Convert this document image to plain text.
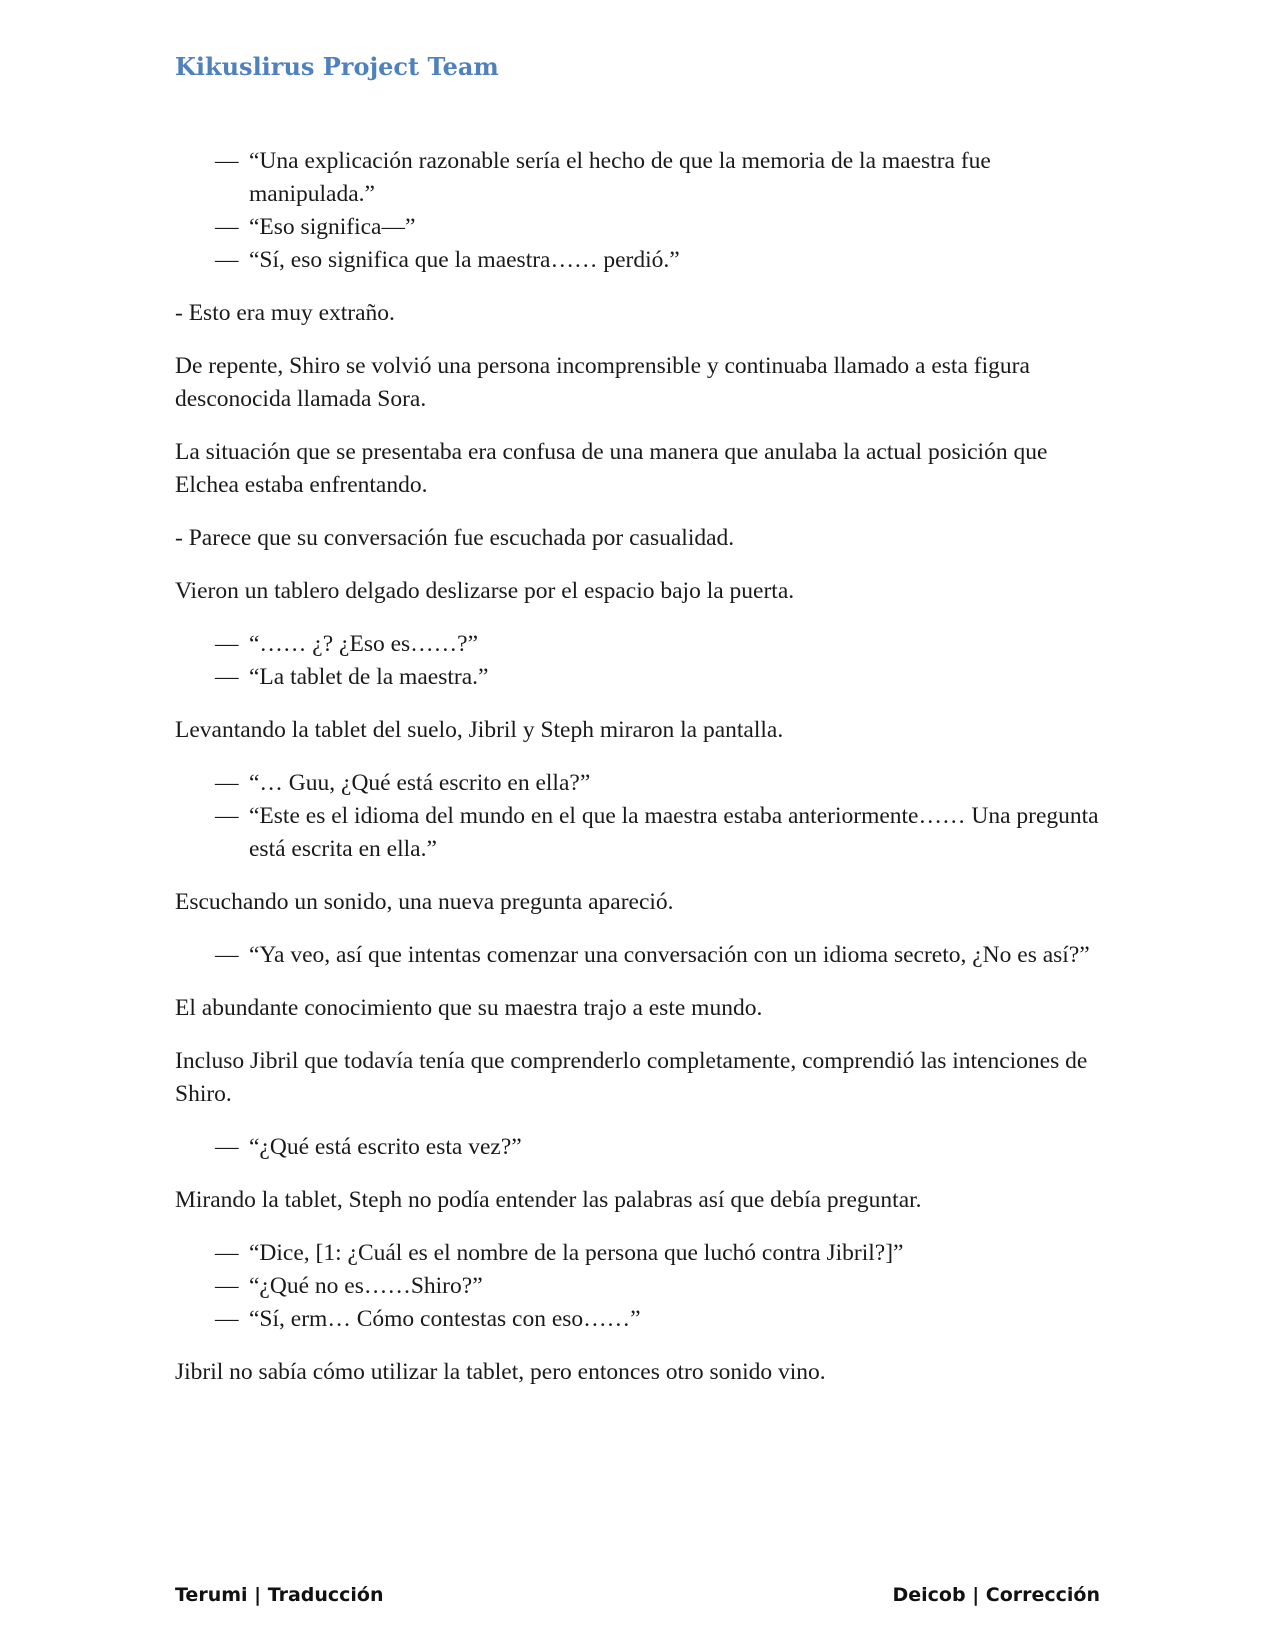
Kikuslirus Project Team
— “Una explicación razonable sería el hecho de que la memoria de la maestra fue manipulada.”
— “Eso significa—”
— “Sí, eso significa que la maestra…… perdió.”

- Esto era muy extraño.

De repente, Shiro se volvió una persona incomprensible y continuaba llamado a esta figura desconocida llamada Sora.

La situación que se presentaba era confusa de una manera que anulaba la actual posición que Elchea estaba enfrentando.

- Parece que su conversación fue escuchada por casualidad.

Vieron un tablero delgado deslizarse por el espacio bajo la puerta.

— “…… ¿? ¿Eso es……?”
— “La tablet de la maestra.”

Levantando la tablet del suelo, Jibril y Steph miraron la pantalla.

— “… Guu, ¿Qué está escrito en ella?”
— “Este es el idioma del mundo en el que la maestra estaba anteriormente…… Una pregunta está escrita en ella.”

Escuchando un sonido, una nueva pregunta apareció.

— “Ya veo, así que intentas comenzar una conversación con un idioma secreto, ¿No es así?”

El abundante conocimiento que su maestra trajo a este mundo.

Incluso Jibril que todavía tenía que comprenderlo completamente, comprendió las intenciones de Shiro.

— “¿Qué está escrito esta vez?”

Mirando la tablet, Steph no podía entender las palabras así que debía preguntar.

— “Dice, [1: ¿Cuál es el nombre de la persona que luchó contra Jibril?]”
— “¿Qué no es……Shiro?”
— “Sí, erm… Cómo contestas con eso……”

Jibril no sabía cómo utilizar la tablet, pero entonces otro sonido vino.

Terumi | Traducción	Deicob | Corrección
